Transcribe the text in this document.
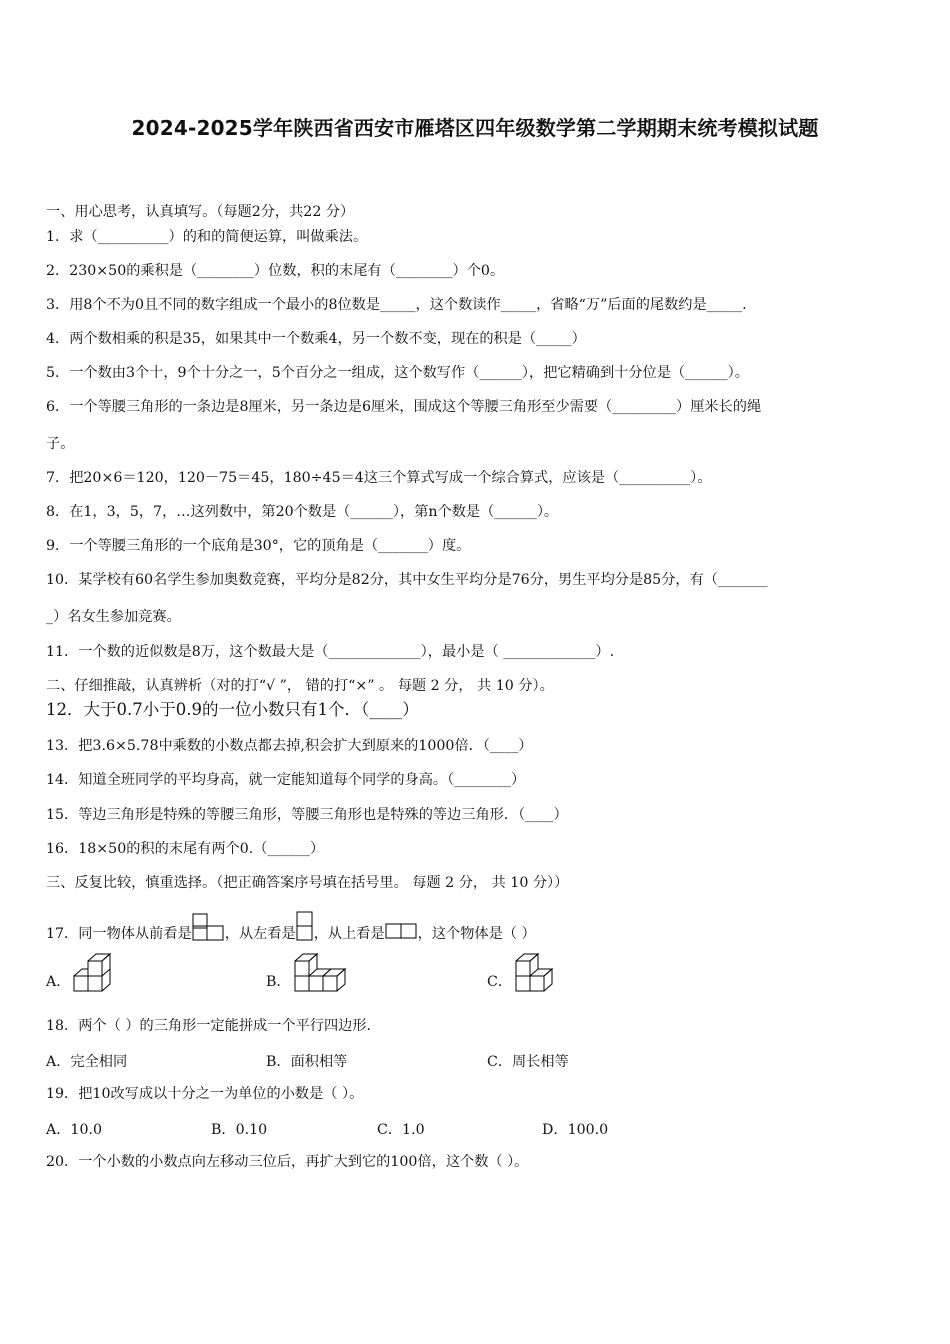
2024-2025学年陕西省西安市雁塔区四年级数学第二学期期末统考模拟试题
一、用心思考，认真填写。（每题2分，共22 分）
1．求（__________）的和的简便运算，叫做乘法。
2．230×50的乘积是（________）位数，积的末尾有（________）个0。
3．用8个不为0且不同的数字组成一个最小的8位数是_____，这个数读作_____，省略“万”后面的尾数约是_____.
4．两个数相乘的积是35，如果其中一个数乘4，另一个数不变，现在的积是（_____）
5．一个数由3个十，9个十分之一，5个百分之一组成，这个数写作（______），把它精确到十分位是（______）。
6．一个等腰三角形的一条边是8厘米，另一条边是6厘米，围成这个等腰三角形至少需要（_________）厘米长的绳
子。
7．把20×6＝120，120－75＝45，180÷45＝4这三个算式写成一个综合算式，应该是（__________）。
8．在1，3，5，7，…这列数中，第20个数是（______），第n个数是（______）。
9．一个等腰三角形的一个底角是30°，它的顶角是（_______）度。
10．某学校有60名学生参加奥数竞赛，平均分是82分，其中女生平均分是76分，男生平均分是85分，有（_______
_）名女生参加竞赛。
11．一个数的近似数是8万，这个数最大是（_____________），最小是（ _____________）.
二、仔细推敲，认真辨析（对的打“√ ”， 错的打“×” 。 每题 2 分， 共 10 分）。
12．大于0.7小于0.9的一位小数只有1个．（____）
13．把3.6×5.78中乘数的小数点都去掉,积会扩大到原来的1000倍．（____）
14．知道全班同学的平均身高，就一定能知道每个同学的身高。（________）
15．等边三角形是特殊的等腰三角形，等腰三角形也是特殊的等边三角形．（____）
16．18×50的积的末尾有两个0.（______）
三、反复比较，慎重选择。（把正确答案序号填在括号里。 每题 2 分， 共 10 分））
17．同一物体从前看是 ，从左看是 ，从上看是 ，这个物体是（ ）
A．	B．	C．
18．两个（ ）的三角形一定能拼成一个平行四边形.
A．完全相同	B．面积相等	C．周长相等
19．把10改写成以十分之一为单位的小数是（ ）。
A．10.0	B．0.10	C．1.0	D．100.0
20．一个小数的小数点向左移动三位后，再扩大到它的100倍，这个数（ ）。
